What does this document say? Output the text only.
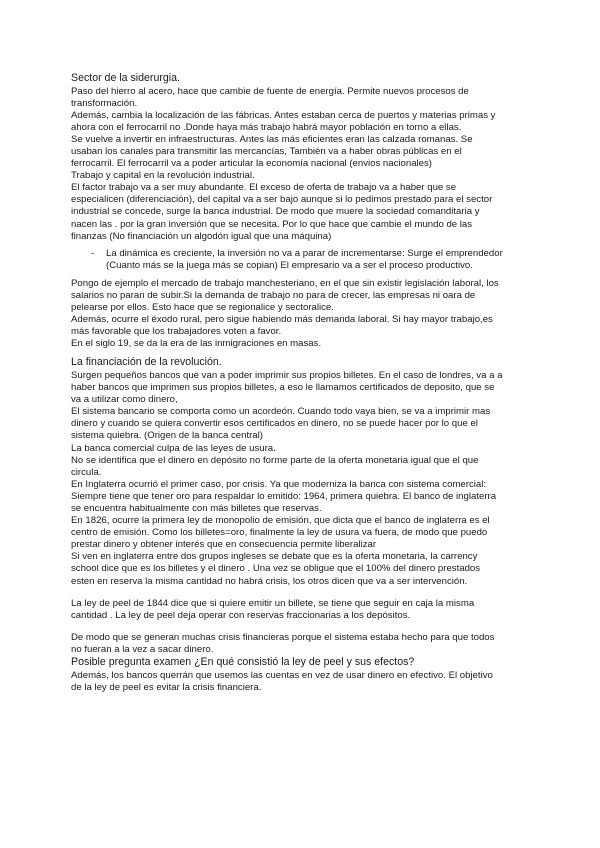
Sector de la siderurgia.
Paso del hierro al acero, hace que cambie de fuente de energía. Permite nuevos procesos de
transformación.
Además, cambia la localización de las fábricas. Antes estaban cerca de puertos y materias primas y
ahora con el ferrocarril no .Donde haya más trabajo habrá mayor población en torno a ellas.
Se vuelve a invertir en infraestructuras. Antes las más eficientes eran las calzada romanas. Se
usaban los canales para transmitir las mercancías, También va a haber obras públicas en el
ferrocarril. El ferrocarril va a poder articular la economía nacional (envios nacionales)
Trabajo y capital en la revolución industrial.
El factor trabajo va a ser muy abundante. El exceso de oferta de trabajo va a haber que se
especialicen (diferenciación), del capital va a ser bajo aunque si lo pedimos prestado para el sector
industrial se concede, surge la banca industrial. De modo que muere la sociedad comanditaria y
nacen las . por la gran inversión que se necesita. Por lo que hace que cambie el mundo de las
finanzas (No financiación un algodón igual que una máquina)
- La dinámica es creciente, la inversión no va a parar de incrementarse: Surge el emprendedor
(Cuanto más se la juega más se copian) El empresario va a ser el proceso productivo.
Pongo de ejemplo el mercado de trabajo manchesteriano, en el que sin existir legislación laboral, los
salarios no paran de subir.Si la demanda de trabajo no para de crecer, las empresas ni oara de
pelearse por ellos. Esto hace que se regionalice y sectoralice.
Además, ocurre el éxodo rural, pero sigue habiendo más demanda laboral. Si hay mayor trabajo,es
más favorable que los trabajadores voten a favor.
En el siglo 19, se da la era de las inmigraciones en masas.
La financiación de la revolución.
Surgen pequeños bancos que van a poder imprimir sus propios billetes. En el caso de londres, va a a
haber bancos que imprimen sus propios billetes, a eso le llamamos certificados de deposito, que se
va a utilizar como dinero,
El sistema bancario se comporta como un acordeón. Cuando todo vaya bien, se va a imprimir mas
dinero y cuando se quiera convertir esos certificados en dinero, no se puede hacer por lo que el
sistema quiebra. (Origen de la banca central)
La banca comercial culpa de las leyes de usura.
No se identifica que el dinero en depósito no forme parte de la oferta monetaria igual que el que
circula.
En Inglaterra ocurrió el primer caso, por crisis. Ya que moderniza la banca con sistema comercial:
Siempre tiene que tener oro para respaldar lo emitido: 1964, primera quiebra. El banco de inglaterra
se encuentra habitualmente con más billetes que reservas.
En 1826, ocurre la primera ley de monopolio de emisión, que dicta que el banco de inglaterra es el
centro de emisión. Como los billetes=oro, finalmente la ley de usura va fuera, de modo que puedo
prestar dinero y obtener interés que en consecuencia permite liberalizar
Si ven en inglaterra entre dos grupos ingleses se debate que es la oferta monetaria, la carrency
school dice que es los billetes y el dinero . Una vez se obligue que el 100% del dinero prestados
esten en reserva la misma cantidad no habrá crisis, los otros dicen que va a ser intervención.
La ley de peel de 1844 dice que si quiere emitir un billete, se tiene que seguir en caja la misma
cantidad . La ley de peel deja operar con reservas fraccionarias a los depósitos.
De modo que se generan muchas crisis financieras porque el sistema estaba hecho para que todos
no fueran a la vez a sacar dinero.
Posible pregunta examen ¿En qué consistió la ley de peel y sus efectos?
Además, los bancos querrán que usemos las cuentas en vez de usar dinero en efectivo. El objetivo
de la ley de peel es evitar la crisis financiera.
